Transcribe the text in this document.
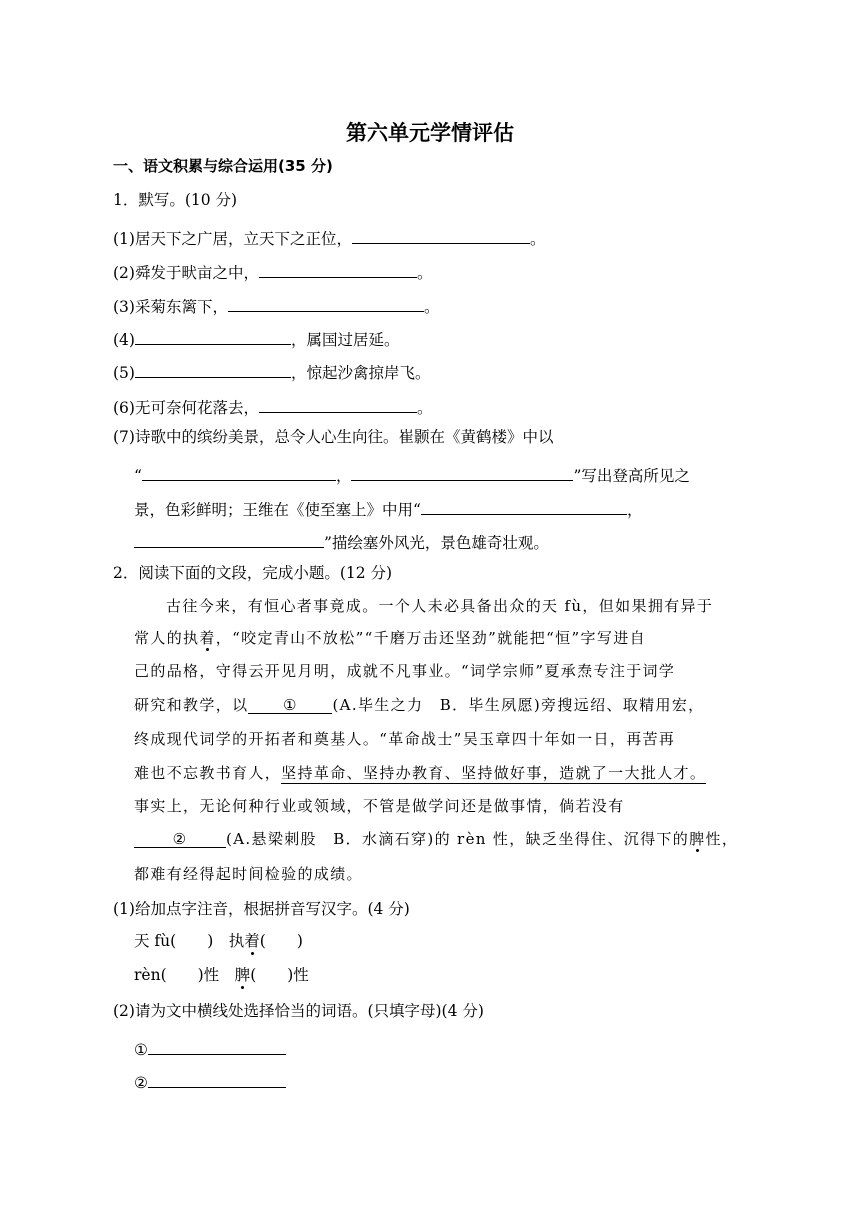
第六单元学情评估
一、语文积累与综合运用(35 分)
1．默写。(10 分)
(1)居天下之广居，立天下之正位，	。
(2)舜发于畎亩之中，	。
(3)采菊东篱下，	。
(4)	，属国过居延。
(5)	，惊起沙禽掠岸飞。
(6)无可奈何花落去，	。
(7)诗歌中的缤纷美景，总令人心生向往。崔颢在《黄鹤楼》中以
“	，	”写出登高所见之
景，色彩鲜明；王维在《使至塞上》中用“	，
”描绘塞外风光，景色雄奇壮观。
2．阅读下面的文段，完成小题。(12 分)
古往今来，有恒心者事竟成。一个人未必具备出众的天 fù，但如果拥有异于
常人的执着，“咬定青山不放松”“千磨万击还坚劲”就能把“恒”字写进自
己的品格，守得云开见月明，成就不凡事业。“词学宗师”夏承焘专注于词学
研究和教学，以 ① (A.毕生之力　B．毕生夙愿)旁搜远绍、取精用宏，
终成现代词学的开拓者和奠基人。“革命战士”吴玉章四十年如一日，再苦再
难也不忘教书育人，坚持革命、坚持办教育、坚持做好事，造就了一大批人才。
事实上，无论何种行业或领域，不管是做学问还是做事情，倘若没有
②	(A.悬梁刺股　B．水滴石穿)的 rèn 性，缺乏坐得住、沉得下的脾性，
都难有经得起时间检验的成绩。
(1)给加点字注音，根据拼音写汉字。(4 分)
天 fù(　　)　执着(　　)
rèn(　　)性　脾(　　)性
(2)请为文中横线处选择恰当的词语。(只填字母)(4 分)
①
②
